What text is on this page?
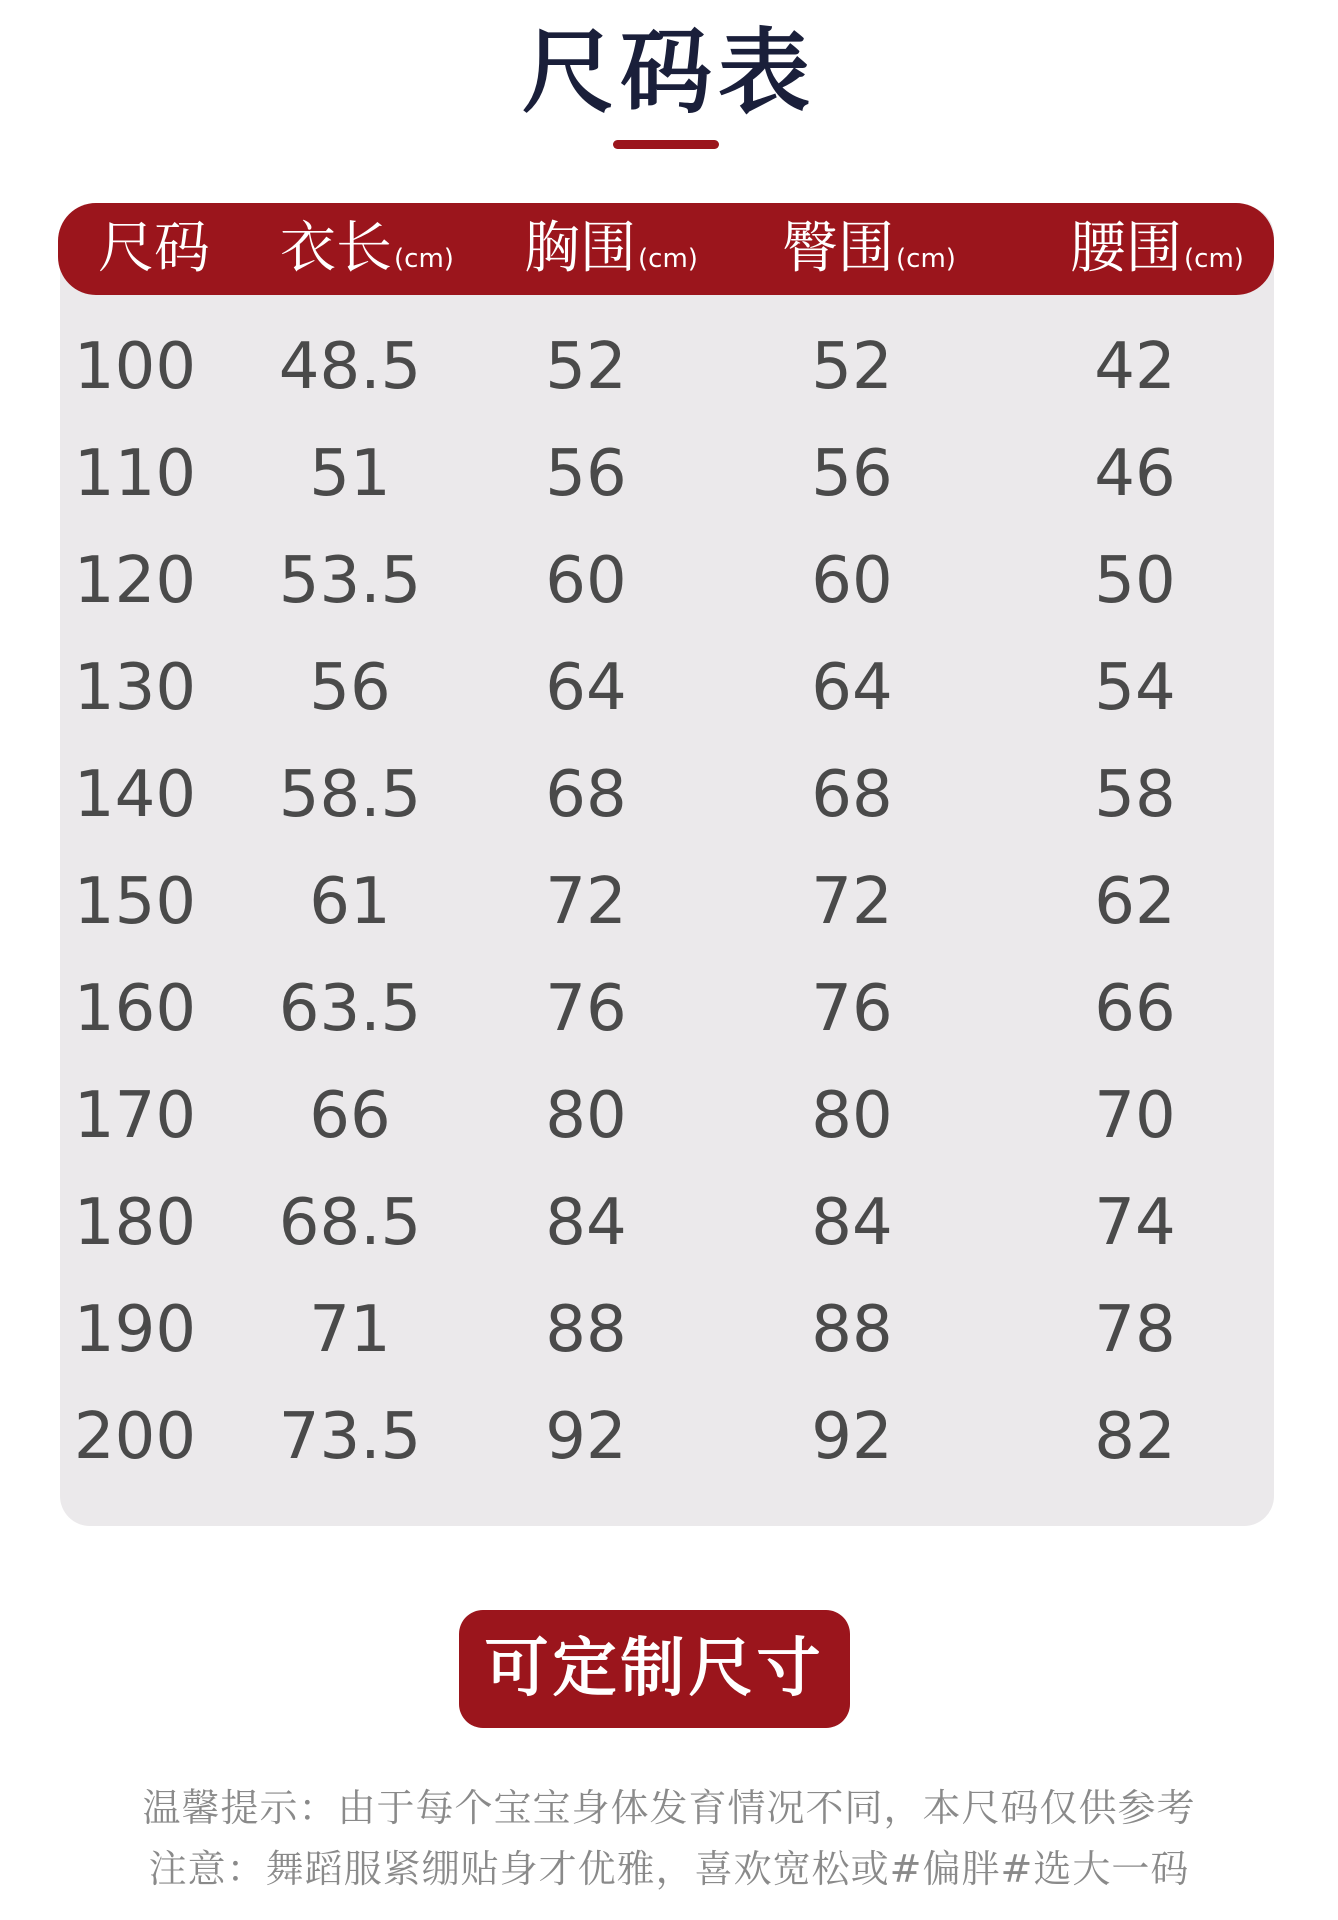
尺码表
尺码 衣长(cm) 胸围(cm) 臀围(cm) 腰围(cm)
100	48.5	52	52	42
110	51	56	56	46
120	53.5	60	60	50
130	56	64	64	54
140	58.5	68	68	58
150	61	72	72	62
160	63.5	76	76	66
170	66	80	80	70
180	68.5	84	84	74
190	71	88	88	78
200	73.5	92	92	82
可定制尺寸
温馨提示：由于每个宝宝身体发育情况不同，本尺码仅供参考
注意：舞蹈服紧绷贴身才优雅，喜欢宽松或#偏胖#选大一码
